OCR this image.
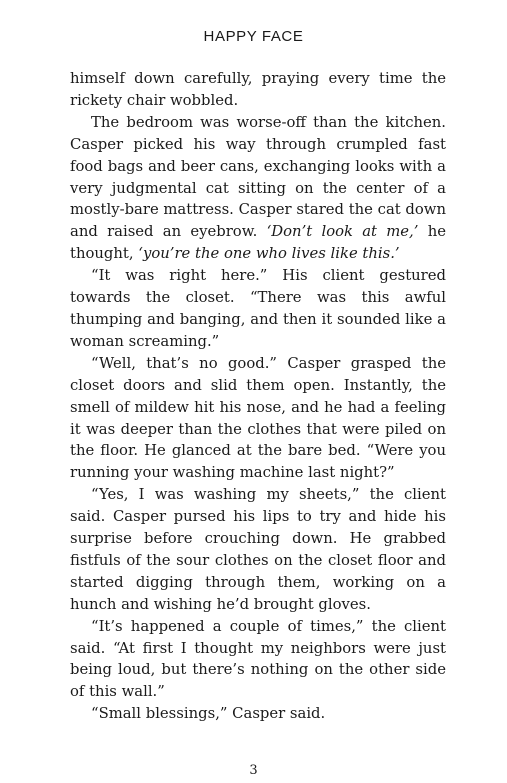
HAPPY FACE

himself down carefully, praying every time the rickety chair wobbled.

The bedroom was worse-off than the kitchen. Casper picked his way through crumpled fast food bags and beer cans, exchanging looks with a very judgmental cat sitting on the center of a mostly-bare mattress. Casper stared the cat down and raised an eyebrow. ‘Don’t look at me,’ he thought, ‘you’re the one who lives like this.’

“It was right here.” His client gestured towards the closet. “There was this awful thumping and banging, and then it sounded like a woman screaming.”

“Well, that’s no good.” Casper grasped the closet doors and slid them open. Instantly, the smell of mildew hit his nose, and he had a feeling it was deeper than the clothes that were piled on the floor. He glanced at the bare bed. “Were you running your washing machine last night?”

“Yes, I was washing my sheets,” the client said. Casper pursed his lips to try and hide his surprise before crouching down. He grabbed fistfuls of the sour clothes on the closet floor and started digging through them, working on a hunch and wishing he’d brought gloves.

“It’s happened a couple of times,” the client said. “At first I thought my neighbors were just being loud, but there’s nothing on the other side of this wall.”

“Small blessings,” Casper said.

3
